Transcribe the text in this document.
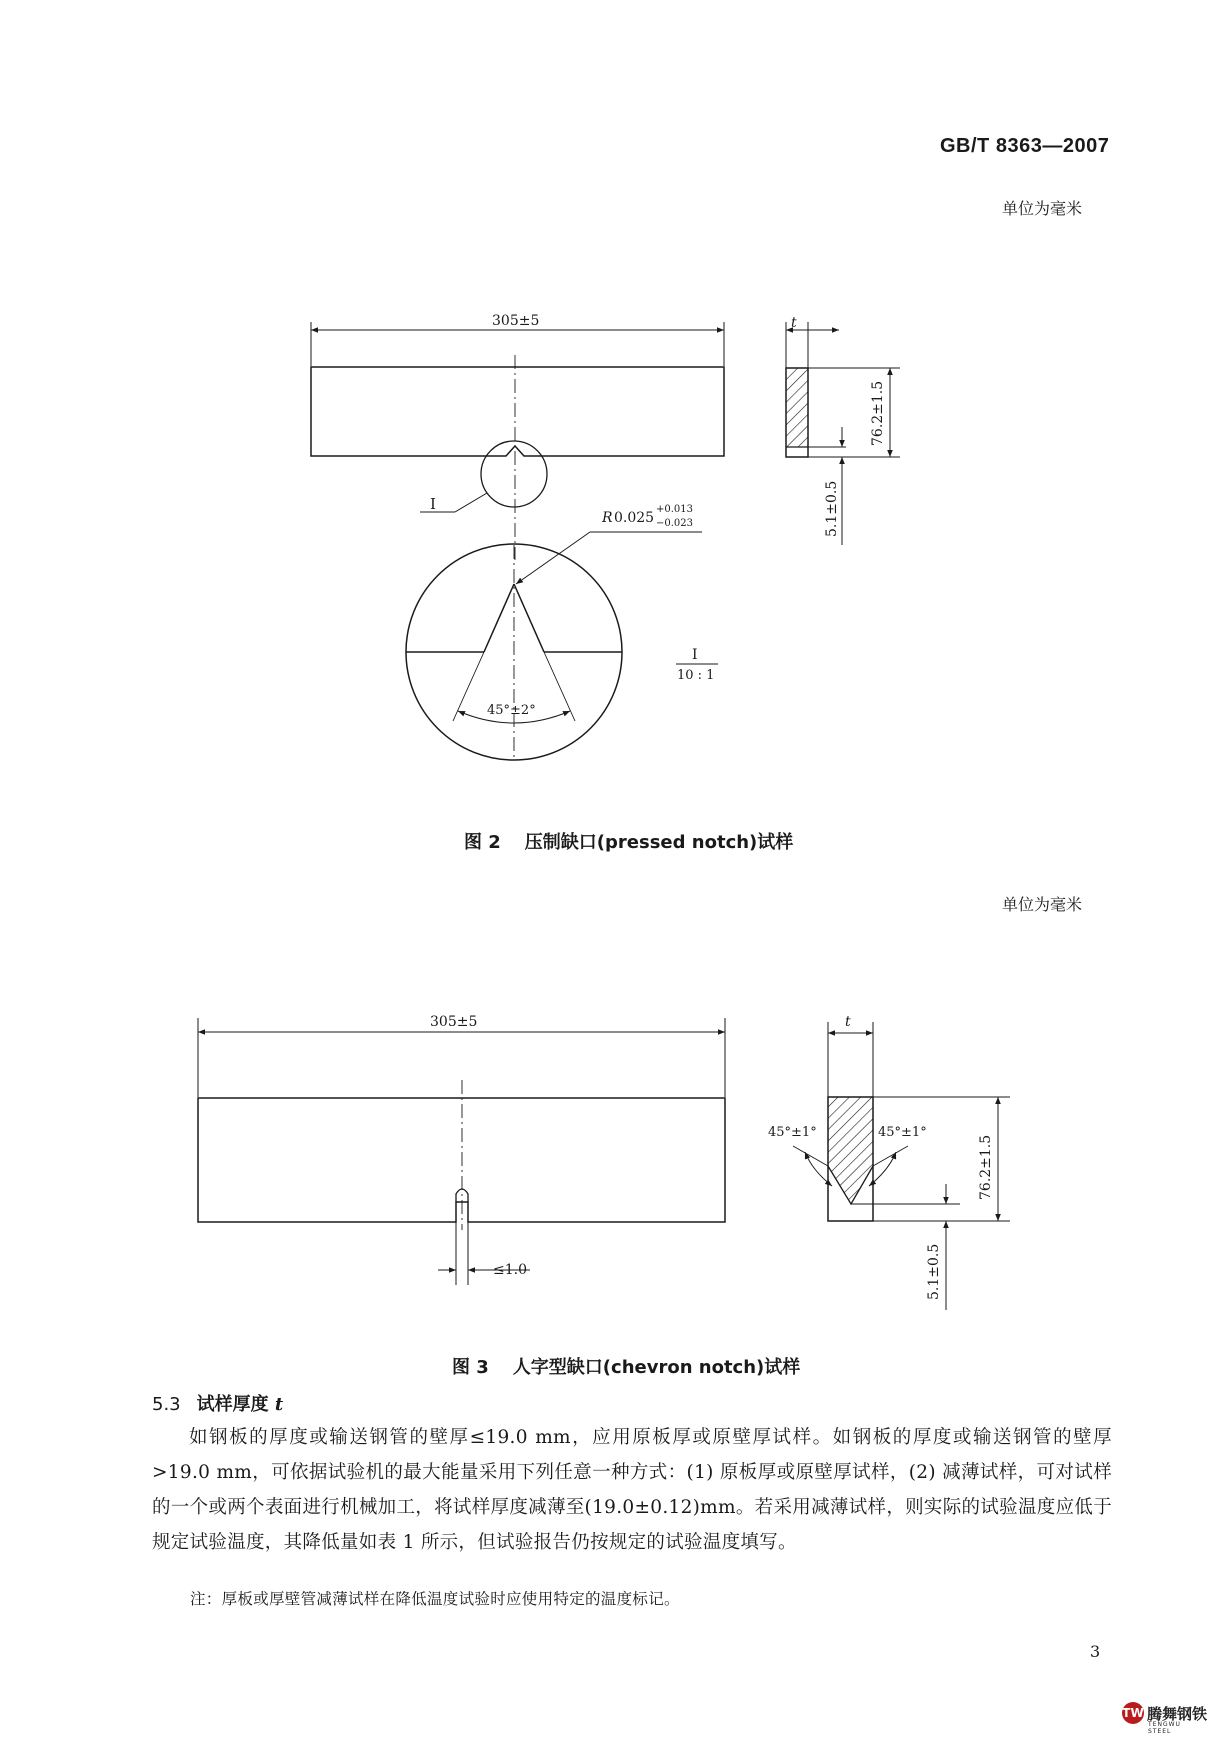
GB/T 8363—2007
单位为毫米
单位为毫米
305±5	t
76.2±1.5
5.1±0.5
I
R 0.025
+0.013
−0.023
45°±2°
I
10 : 1
305±5	t
76.2±1.5
5.1±0.5
45°±1°	45°±1°
≤1.0
图 2 压制缺口(pressed notch)试样
图 3 人字型缺口(chevron notch)试样
5.3 试样厚度 t
如钢板的厚度或输送钢管的壁厚≤19.0 mm，应用原板厚或原壁厚试样。如钢板的厚度或输送钢管的壁厚>19.0 mm，可依据试验机的最大能量采用下列任意一种方式：(1) 原板厚或原壁厚试样，(2) 减薄试样，可对试样的一个或两个表面进行机械加工，将试样厚度减薄至(19.0±0.12)mm。若采用减薄试样，则实际的试验温度应低于规定试验温度，其降低量如表 1 所示，但试验报告仍按规定的试验温度填写。
注：厚板或厚壁管减薄试样在降低温度试验时应使用特定的温度标记。
3
TW 腾舞钢铁
TENGWU STEEL
